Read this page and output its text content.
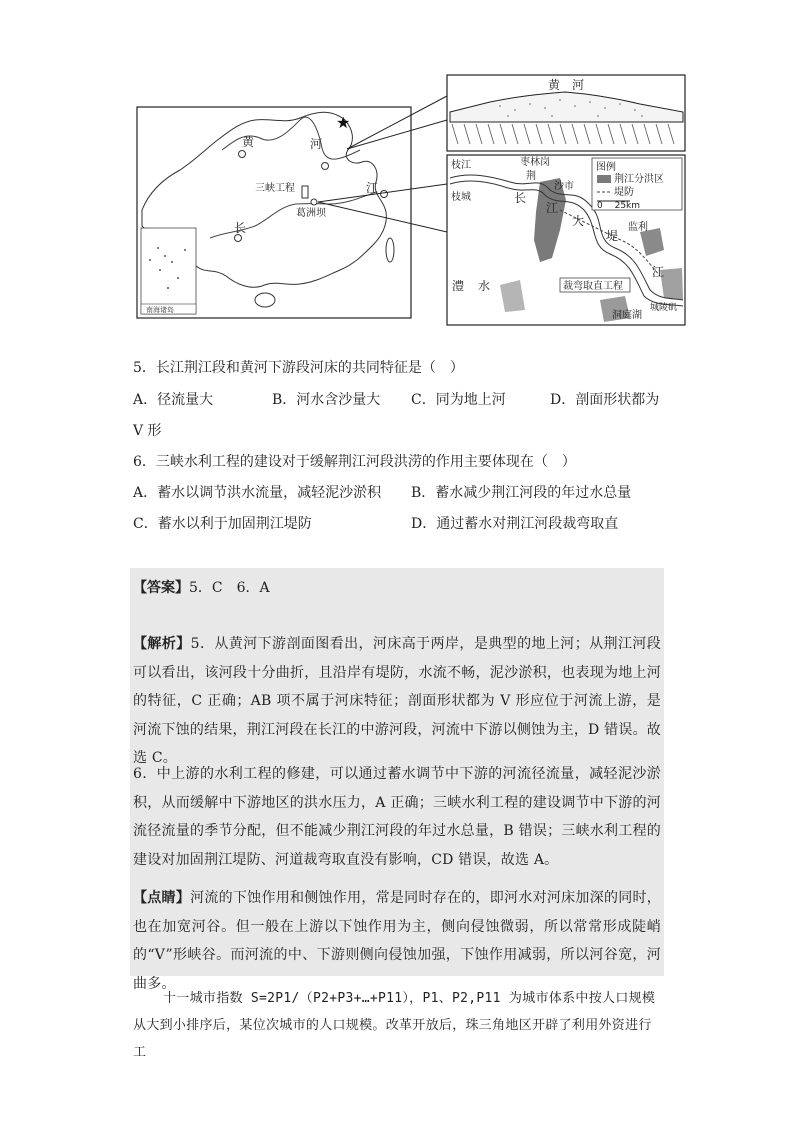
南海诸岛
★
黄	河
江
长
三峡工程
葛洲坝
黄　河
图例
荆江分洪区
堤防
0　 25km
枝江	枣林岗
荆
沙市
枝城	长
江
大
堤
监利
江
澧 水	裁弯取直工程
洞庭湖
城陵矶
5．长江荆江段和黄河下游段河床的共同特征是（　）
A．径流量大	B．河水含沙量大 C．同为地上河	D．剖面形状都为
V 形
6．三峡水利工程的建设对于缓解荆江河段洪涝的作用主要体现在（　）
A．蓄水以调节洪水流量，减轻泥沙淤积 B．蓄水减少荆江河段的年过水总量
C．蓄水以利于加固荆江堤防	D．通过蓄水对荆江河段裁弯取直
【答案】5．C　6．A
【解析】5．从黄河下游剖面图看出，河床高于两岸，是典型的地上河；从荆江河段可以看出，该河段十分曲折，且沿岸有堤防，水流不畅，泥沙淤积，也表现为地上河的特征，C 正确；AB 项不属于河床特征；剖面形状都为 V 形应位于河流上游，是河流下蚀的结果，荆江河段在长江的中游河段，河流中下游以侧蚀为主，D 错误。故选 C。
6．中上游的水利工程的修建，可以通过蓄水调节中下游的河流径流量，减轻泥沙淤积，从而缓解中下游地区的洪水压力，A 正确；三峡水利工程的建设调节中下游的河流径流量的季节分配，但不能减少荆江河段的年过水总量，B 错误；三峡水利工程的建设对加固荆江堤防、河道裁弯取直没有影响，CD 错误，故选 A。
【点睛】河流的下蚀作用和侧蚀作用，常是同时存在的，即河水对河床加深的同时，也在加宽河谷。但一般在上游以下蚀作用为主，侧向侵蚀微弱，所以常常形成陡峭的“V”形峡谷。而河流的中、下游则侧向侵蚀加强，下蚀作用减弱，所以河谷宽，河曲多。
十一城市指数 S=2P1/（P2+P3+…+P11），P1、P2,P11 为城市体系中按人口规模从大到小排序后，某位次城市的人口规模。改革开放后，珠三角地区开辟了利用外资进行工
